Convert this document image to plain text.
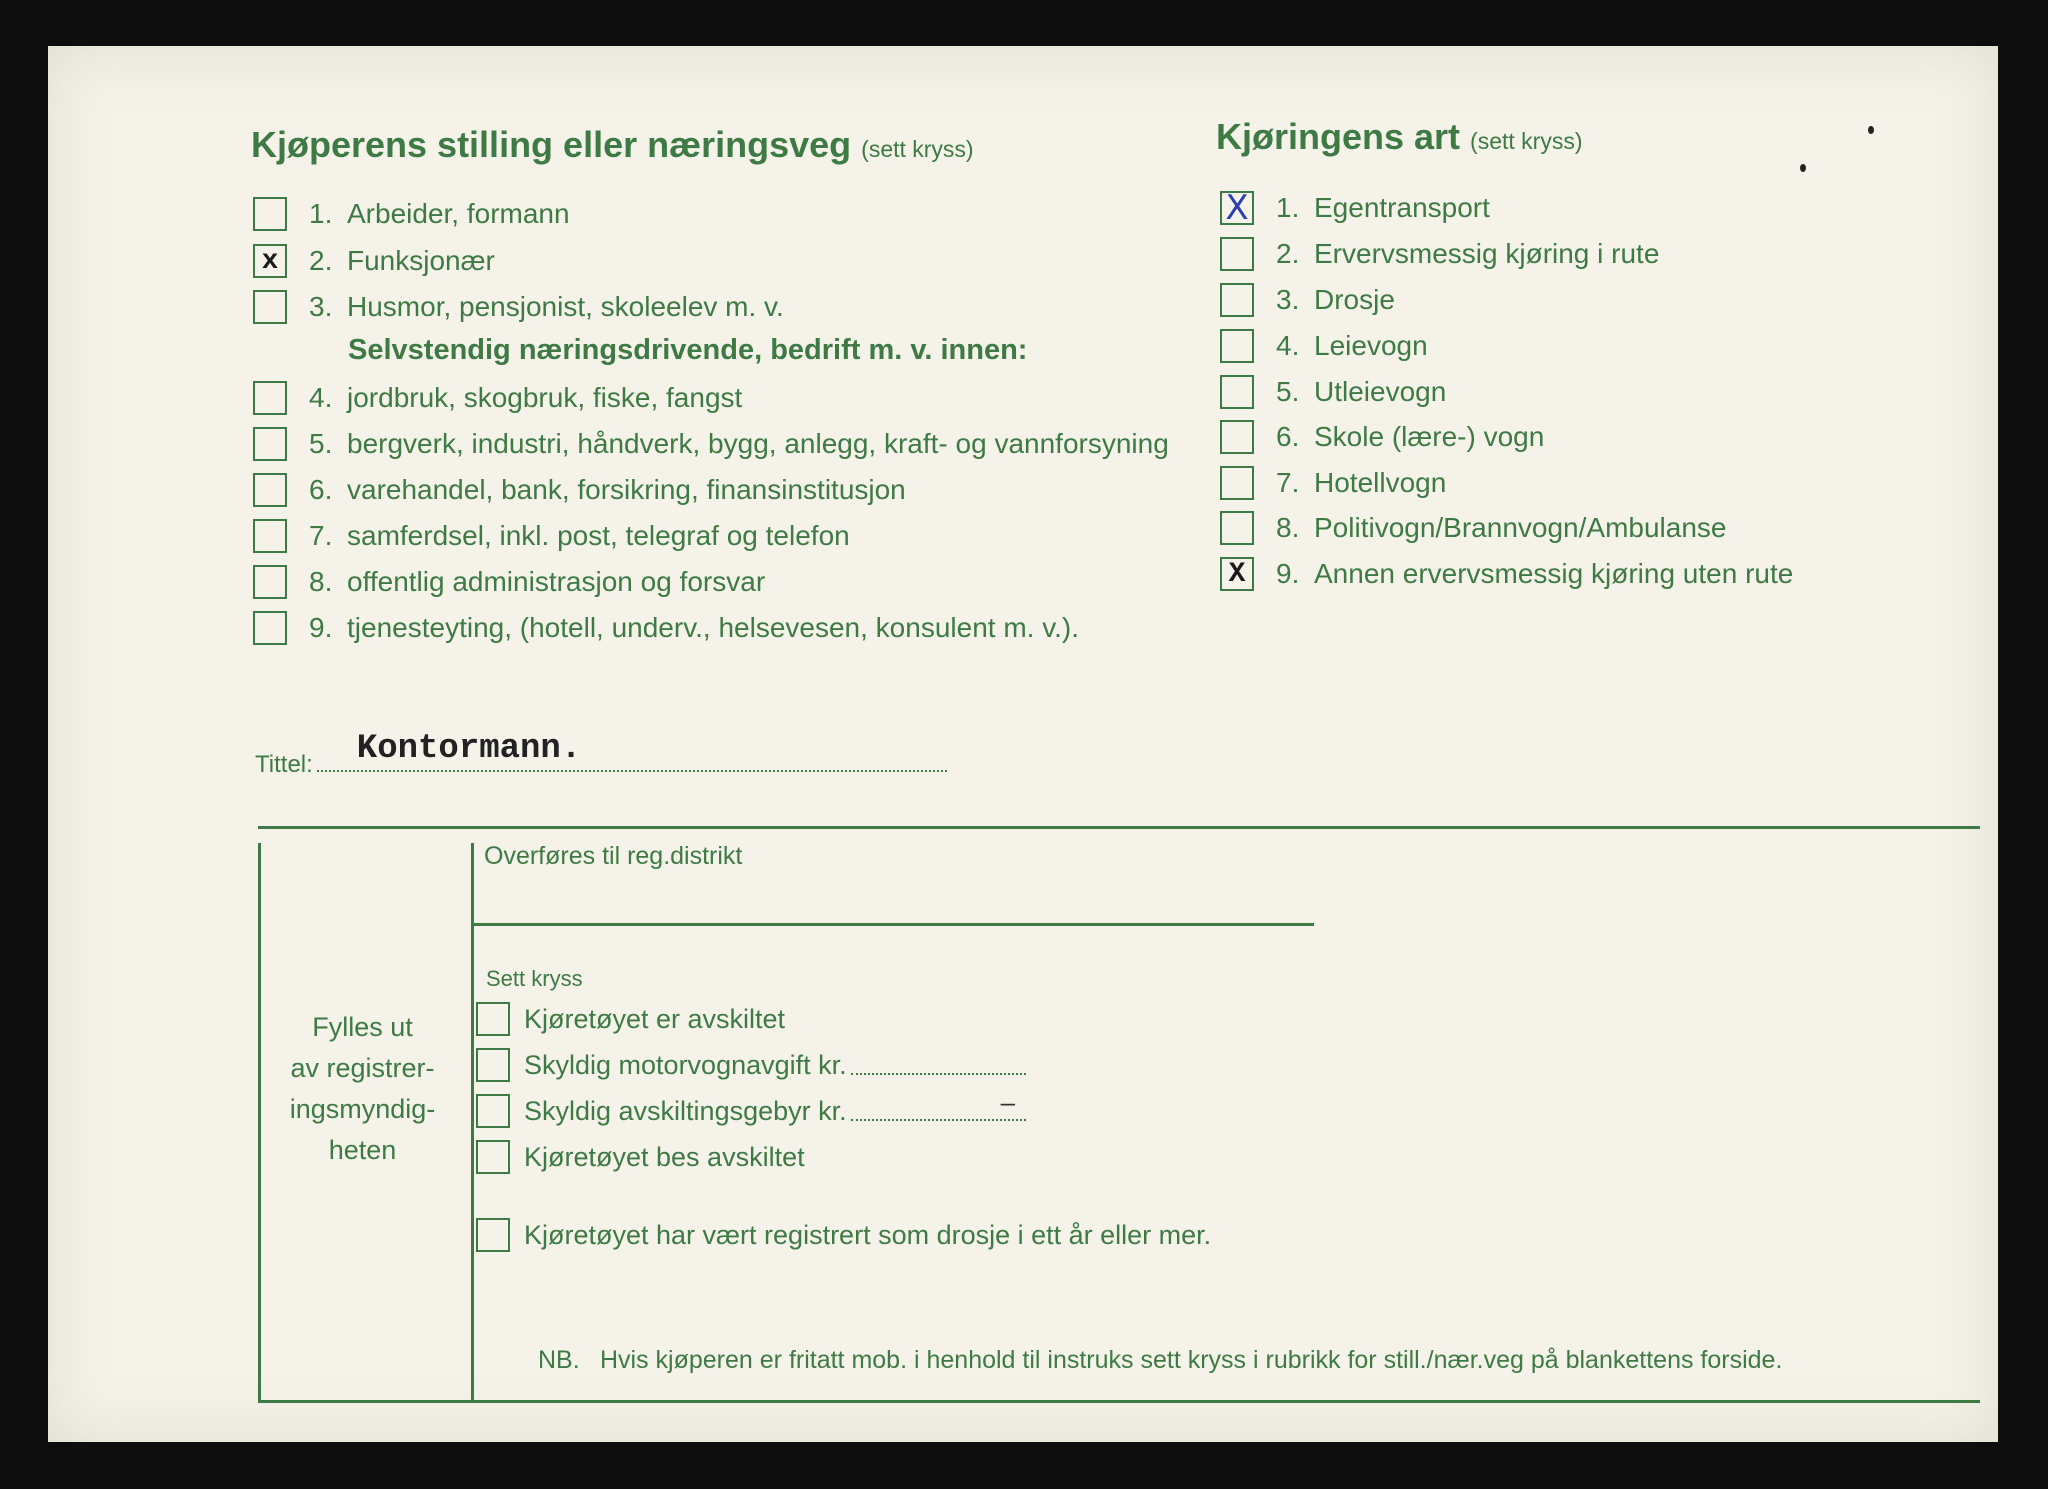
Kjøperens stilling eller næringsveg (sett kryss)
1. Arbeider, formann
x	2. Funksjonær
3. Husmor, pensjonist, skoleelev m. v.
Selvstendig næringsdrivende, bedrift m. v. innen:
4. jordbruk, skogbruk, fiske, fangst
5. bergverk, industri, håndverk, bygg, anlegg, kraft- og vannforsyning
6. varehandel, bank, forsikring, finansinstitusjon
7. samferdsel, inkl. post, telegraf og telefon
8. offentlig administrasjon og forsvar
9. tjenesteyting, (hotell, underv., helsevesen, konsulent m. v.).
Kjøringens art (sett kryss)
X 1. Egentransport
2. Ervervsmessig kjøring i rute
3. Drosje
4. Leievogn
5. Utleievogn
6. Skole (lære-) vogn
7. Hotellvogn
8. Politivogn/Brannvogn/Ambulanse
X	9. Annen ervervsmessig kjøring uten rute
Tittel: Kontormann.
Fylles ut
av registrer-
ingsmyndig-
heten
Overføres til reg.distrikt
Sett kryss
Kjøretøyet er avskiltet
Skyldig motorvognavgift kr.
Skyldig avskiltingsgebyr kr.	–
Kjøretøyet bes avskiltet
Kjøretøyet har vært registrert som drosje i ett år eller mer.
NB. Hvis kjøperen er fritatt mob. i henhold til instruks sett kryss i rubrikk for still./nær.veg på blankettens forside.
